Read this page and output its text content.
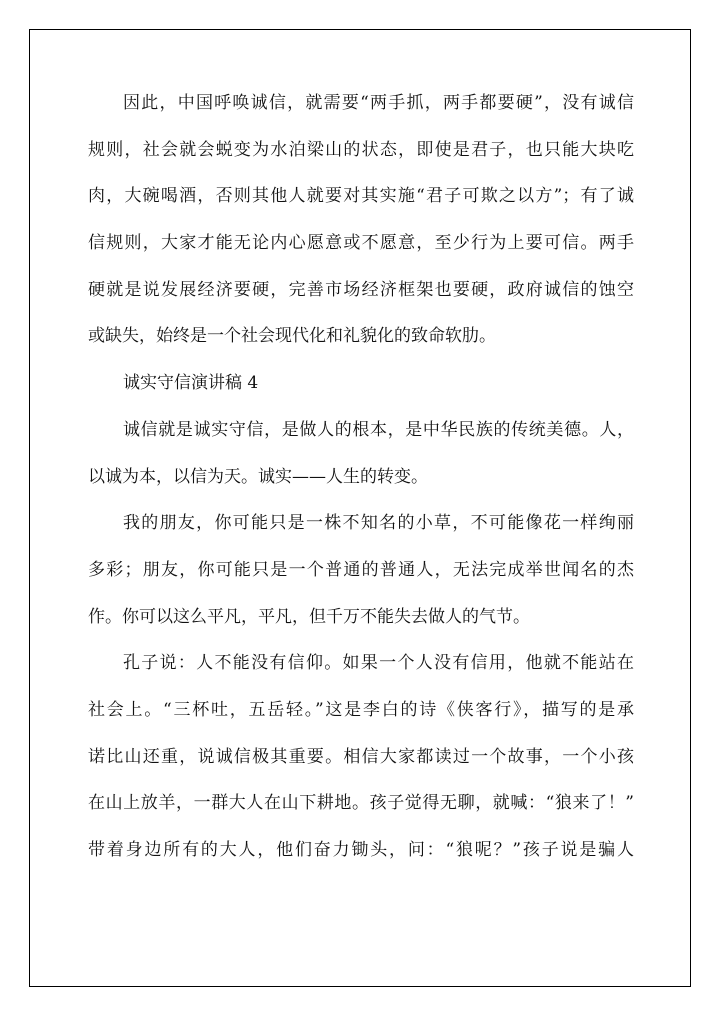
因此，中国呼唤诚信，就需要“两手抓，两手都要硬”，没有诚信
规则，社会就会蜕变为水泊梁山的状态，即使是君子，也只能大块吃
肉，大碗喝酒，否则其他人就要对其实施“君子可欺之以方”；有了诚
信规则，大家才能无论内心愿意或不愿意，至少行为上要可信。两手
硬就是说发展经济要硬，完善市场经济框架也要硬，政府诚信的蚀空
或缺失，始终是一个社会现代化和礼貌化的致命软肋。
诚实守信演讲稿 4
诚信就是诚实守信，是做人的根本，是中华民族的传统美德。人，
以诚为本，以信为天。诚实——人生的转变。
我的朋友，你可能只是一株不知名的小草，不可能像花一样绚丽
多彩；朋友，你可能只是一个普通的普通人，无法完成举世闻名的杰
作。你可以这么平凡，平凡，但千万不能失去做人的气节。
孔子说：人不能没有信仰。如果一个人没有信用，他就不能站在
社会上。“三杯吐，五岳轻。”这是李白的诗《侠客行》，描写的是承
诺比山还重，说诚信极其重要。相信大家都读过一个故事，一个小孩
在山上放羊，一群大人在山下耕地。孩子觉得无聊，就喊：“狼来了！”
带着身边所有的大人，他们奋力锄头，问：“狼呢？”孩子说是骗人
